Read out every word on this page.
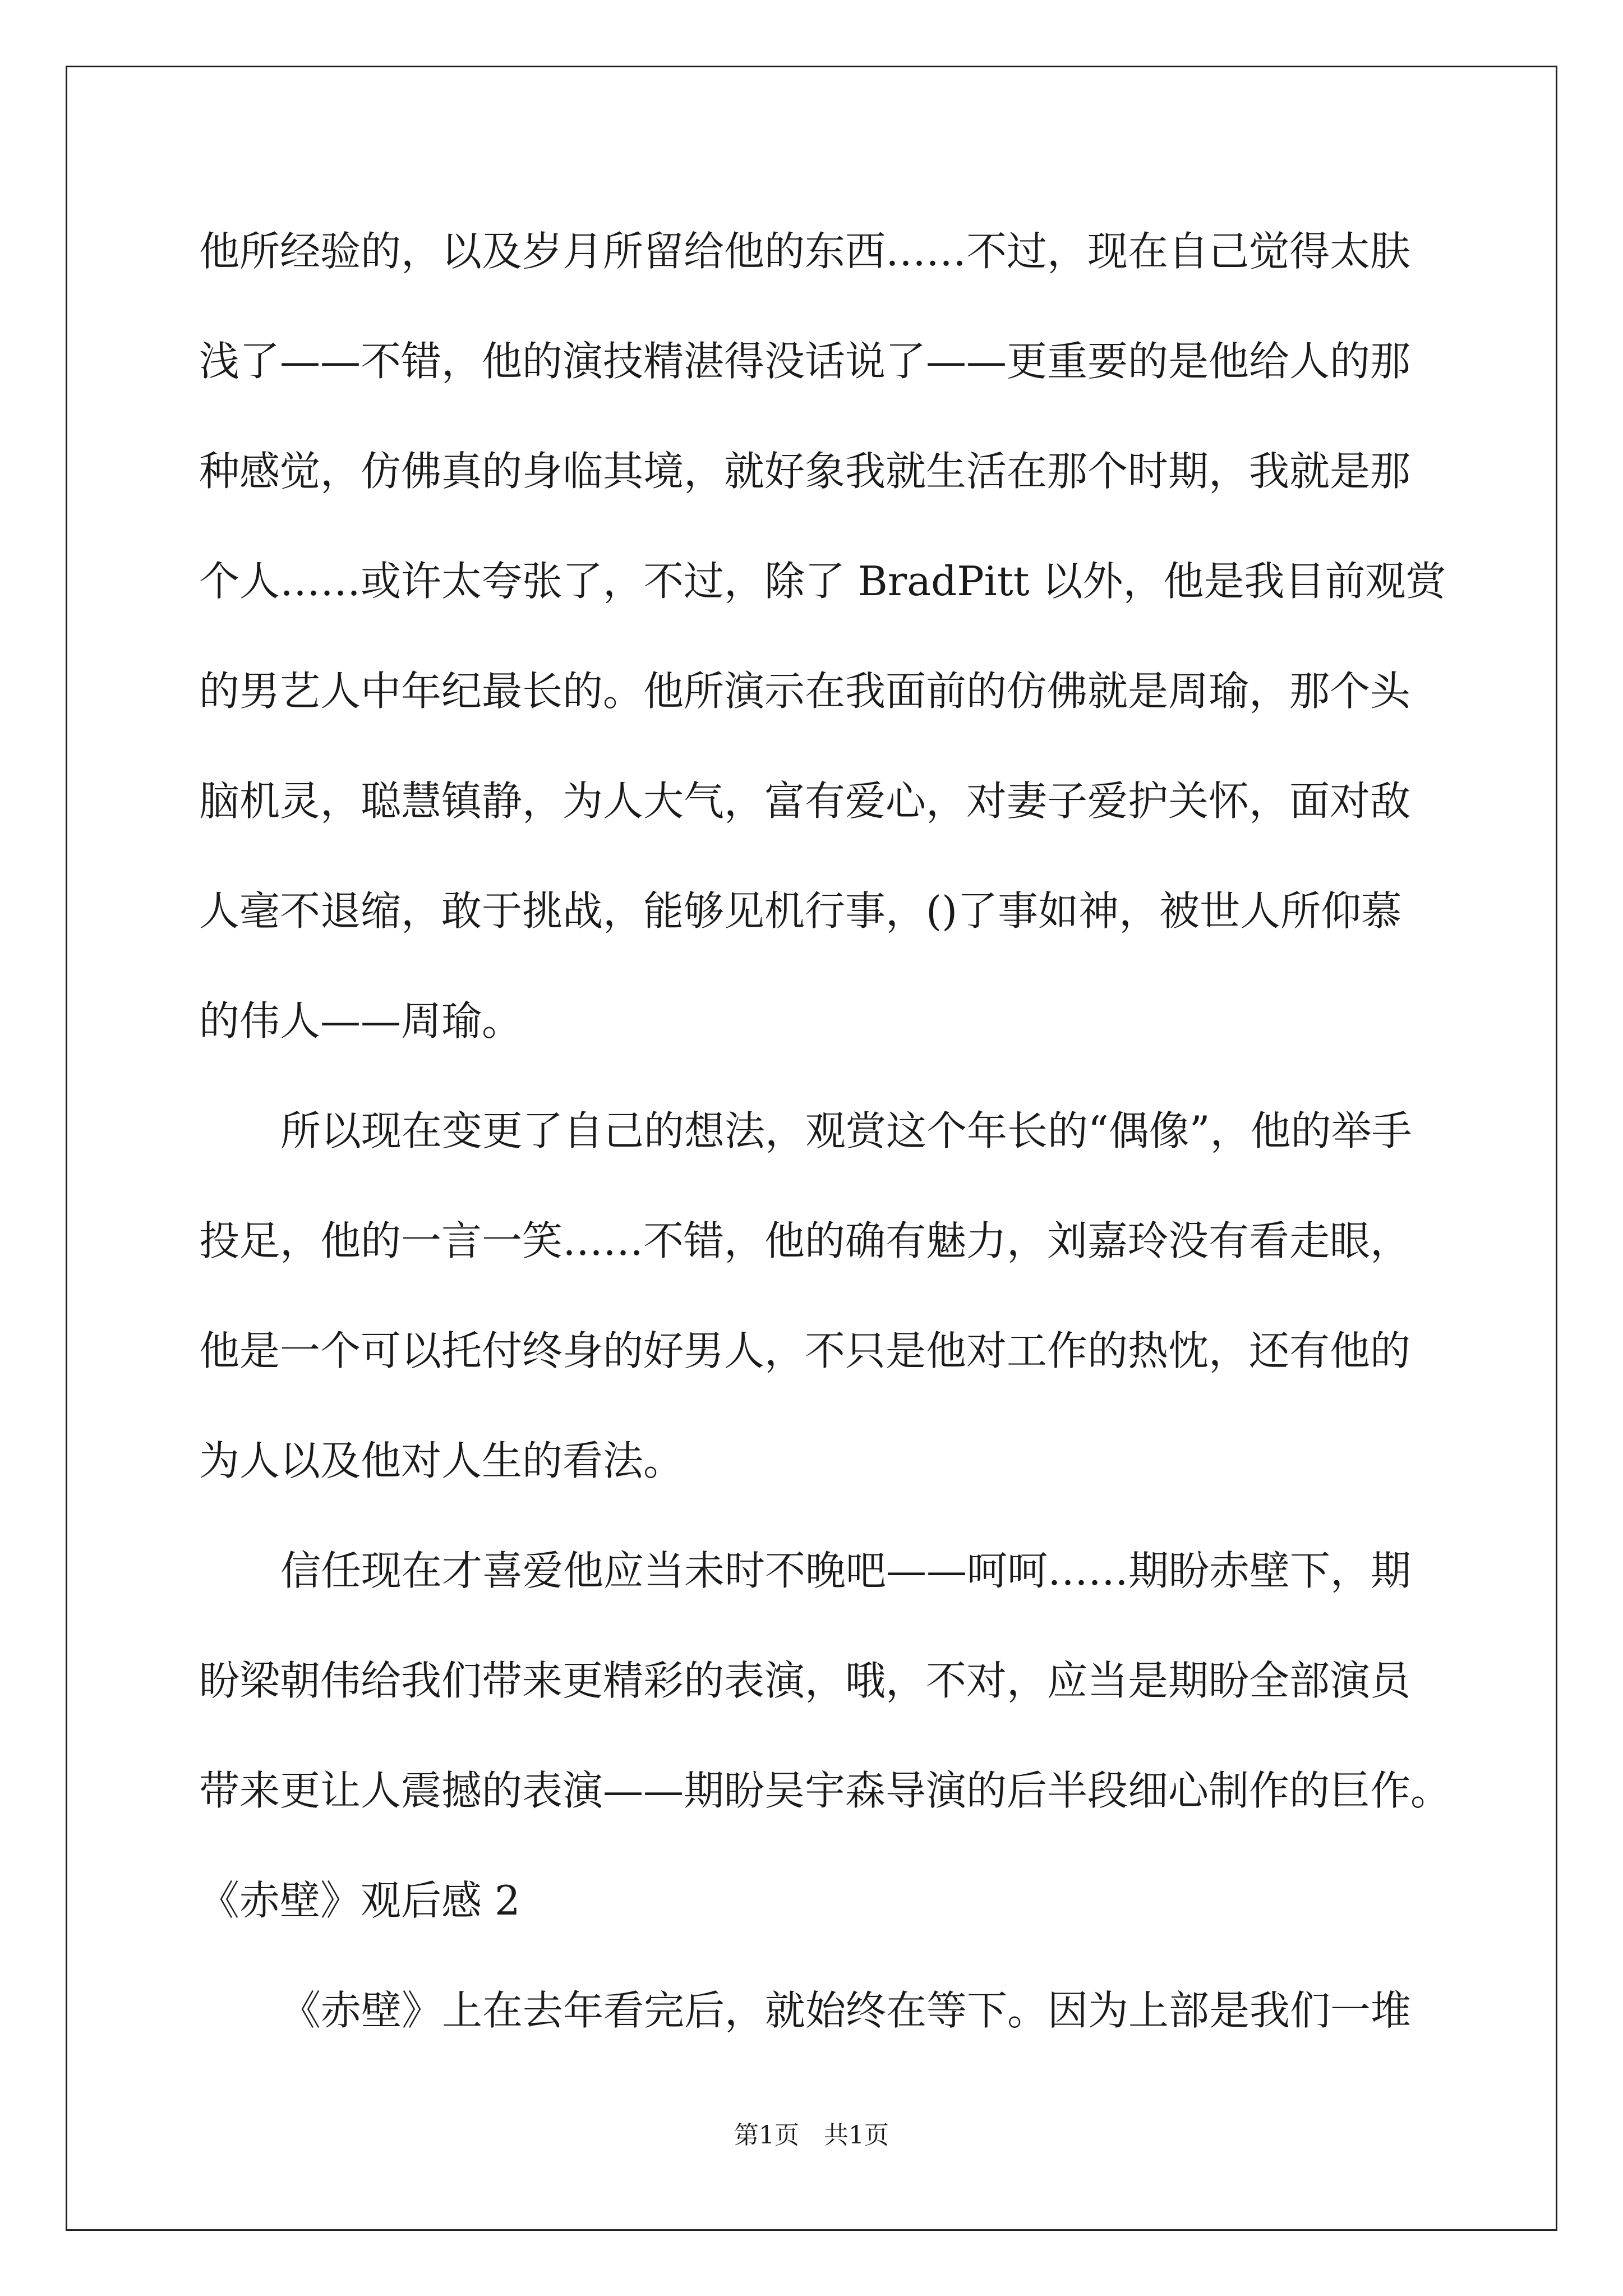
他所经验的，以及岁月所留给他的东西……不过，现在自己觉得太肤
浅了——不错，他的演技精湛得没话说了——更重要的是他给人的那
种感觉，仿佛真的身临其境，就好象我就生活在那个时期，我就是那
个人……或许太夸张了，不过，除了 BradPitt 以外，他是我目前观赏
的男艺人中年纪最长的。他所演示在我面前的仿佛就是周瑜，那个头
脑机灵，聪慧镇静，为人大气，富有爱心，对妻子爱护关怀，面对敌
人毫不退缩，敢于挑战，能够见机行事，()了事如神，被世人所仰慕
的伟人——周瑜。
所以现在变更了自己的想法，观赏这个年长的“偶像”，他的举手
投足，他的一言一笑……不错，他的确有魅力，刘嘉玲没有看走眼，
他是一个可以托付终身的好男人，不只是他对工作的热忱，还有他的
为人以及他对人生的看法。
信任现在才喜爱他应当未时不晚吧——呵呵……期盼赤壁下，期
盼梁朝伟给我们带来更精彩的表演，哦，不对，应当是期盼全部演员
带来更让人震撼的表演——期盼吴宇森导演的后半段细心制作的巨作。
《赤壁》观后感 2
《赤壁》上在去年看完后，就始终在等下。因为上部是我们一堆
第1页　共1页
